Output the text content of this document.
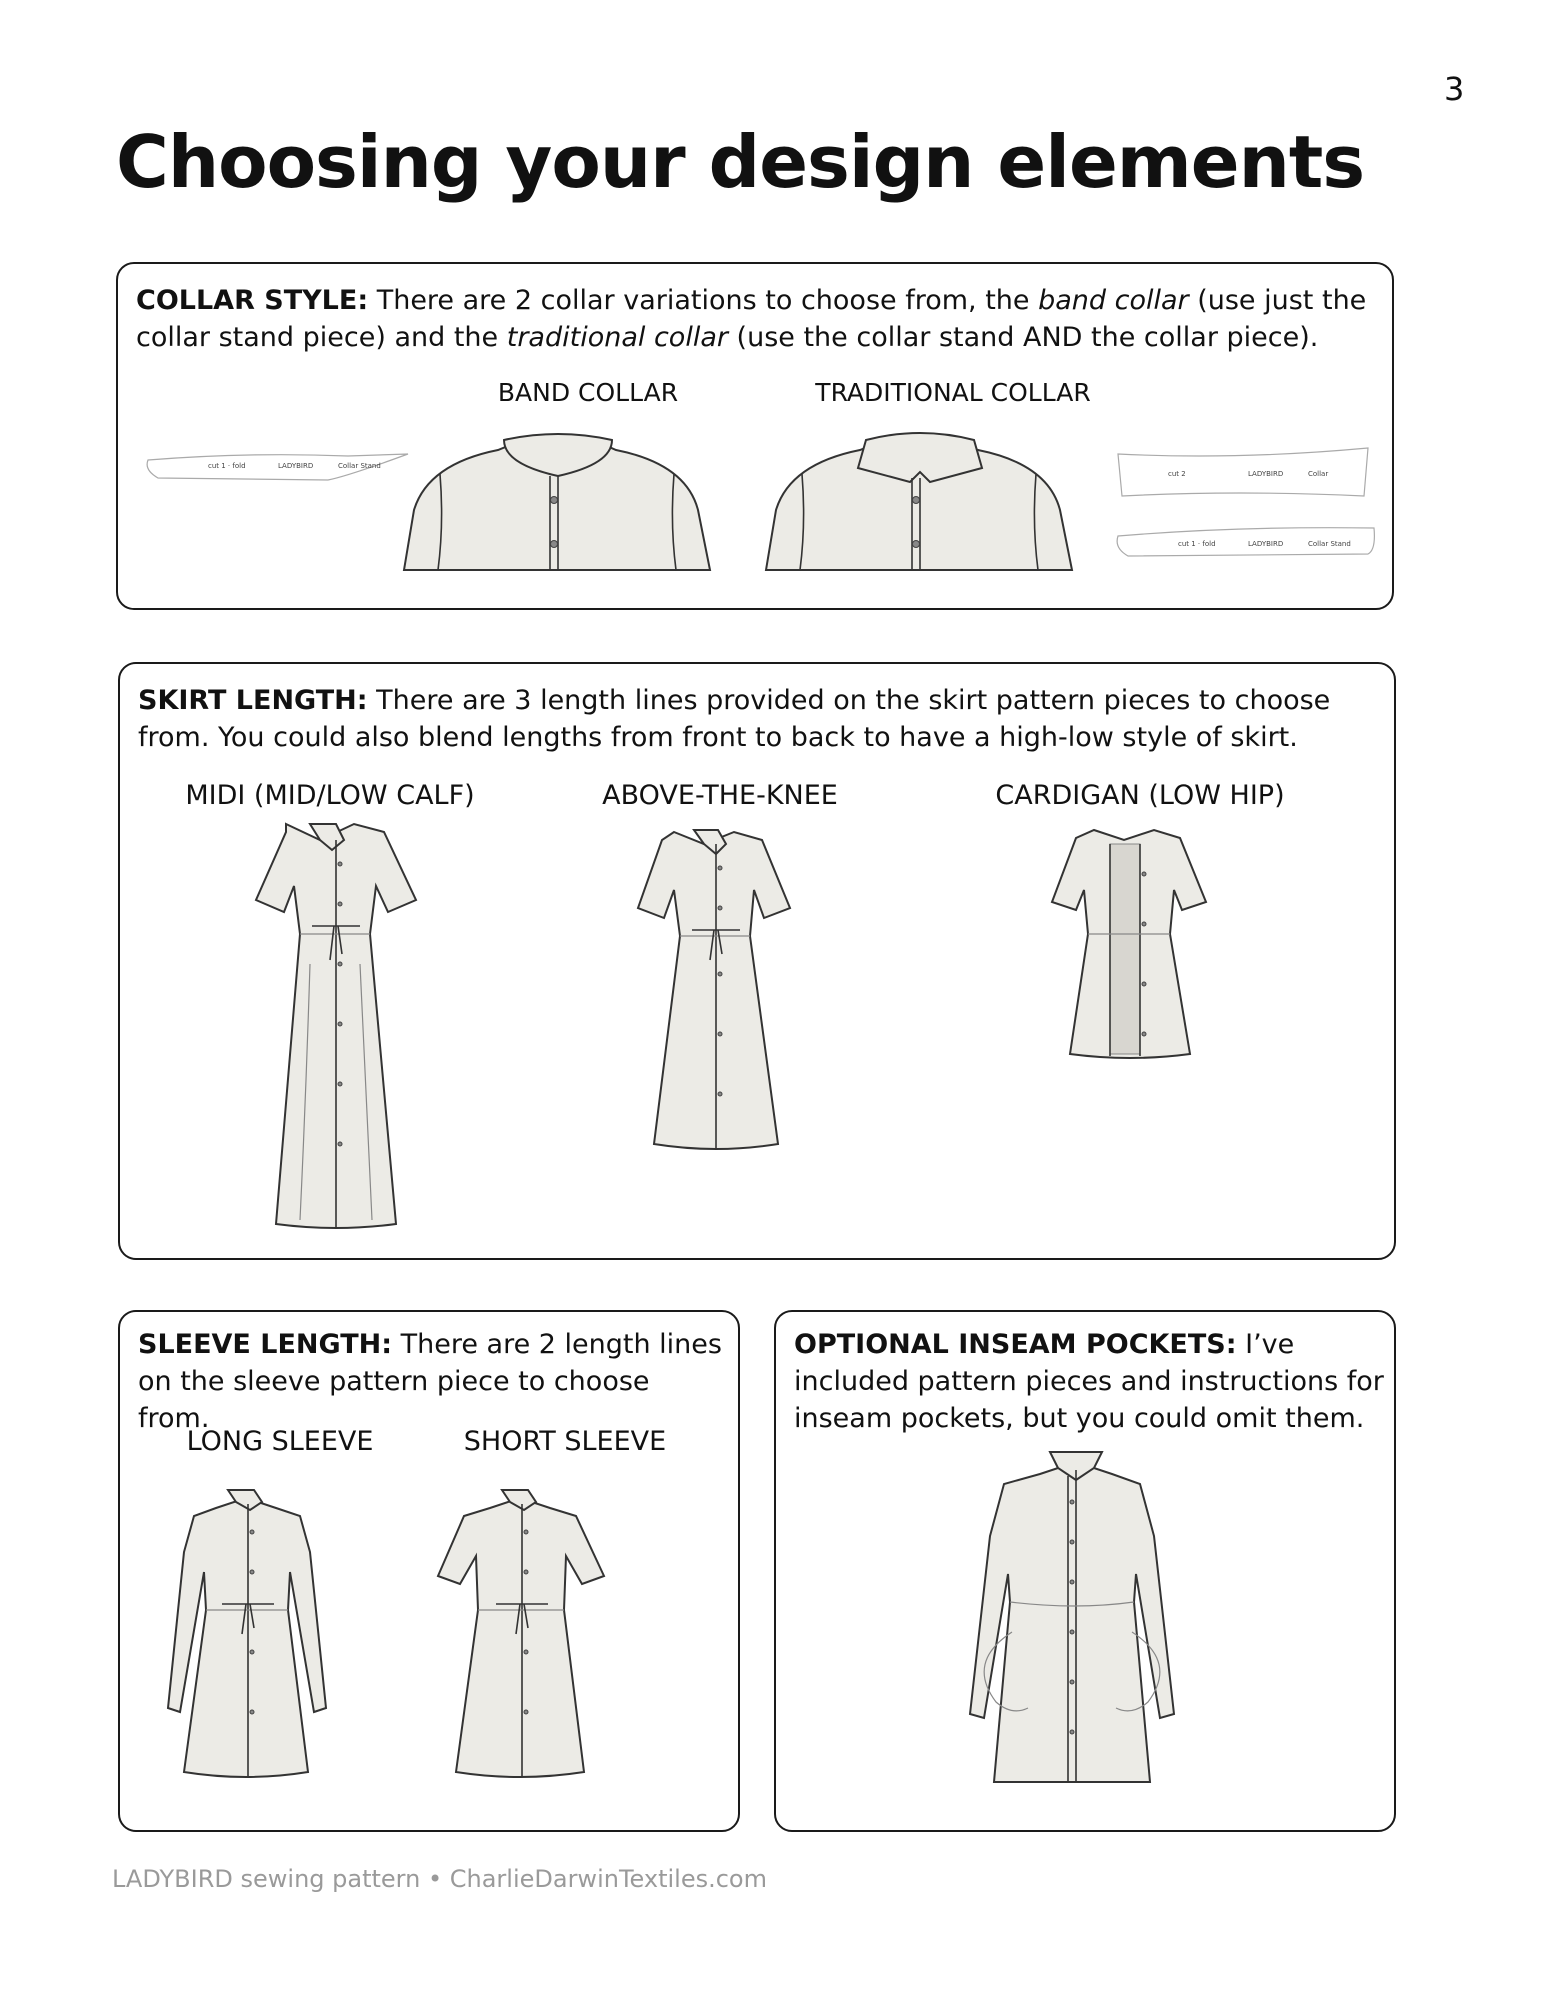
3
Choosing your design elements

COLLAR STYLE: There are 2 collar variations to choose from, the band collar (use just the collar stand piece) and the traditional collar (use the collar stand AND the collar piece).

BAND COLLAR	TRADITIONAL COLLAR
cut 1 · fold	LADYBIRD	Collar Stand
cut 2	LADYBIRD	Collar
cut 1 · fold	LADYBIRD	Collar Stand

SKIRT LENGTH: There are 3 length lines provided on the skirt pattern pieces to choose from. You could also blend lengths from front to back to have a high-low style of skirt.

MIDI (MID/LOW CALF)	ABOVE-THE-KNEE	CARDIGAN (LOW HIP)

SLEEVE LENGTH: There are 2 length lines on the sleeve pattern piece to choose from.

LONG SLEEVE	SHORT SLEEVE

OPTIONAL INSEAM POCKETS: I’ve included pattern pieces and instructions for inseam pockets, but you could omit them.

LADYBIRD sewing pattern • CharlieDarwinTextiles.com
